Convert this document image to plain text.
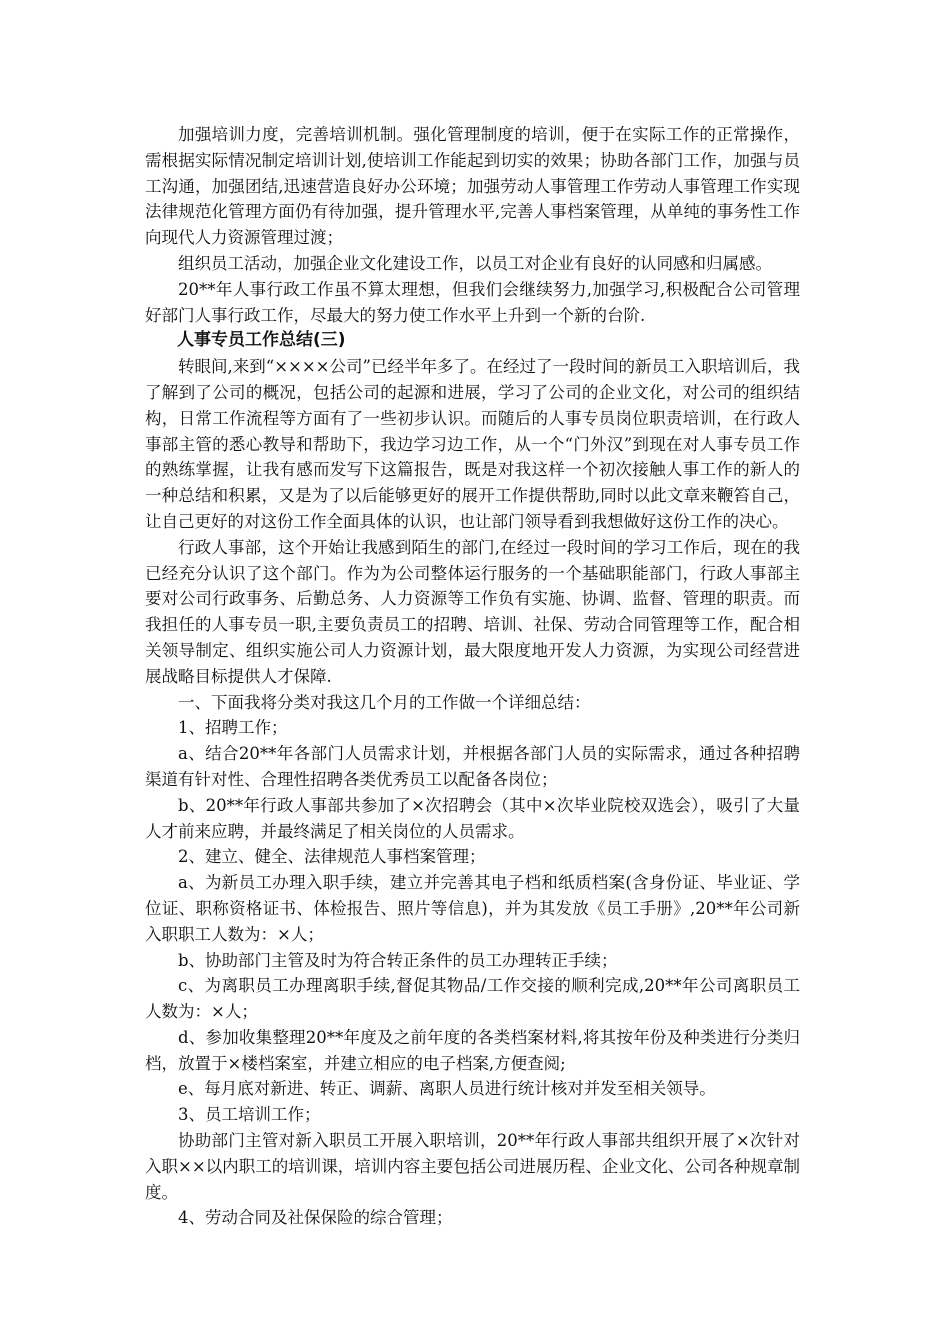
加强培训力度，完善培训机制。强化管理制度的培训，便于在实际工作的正常操作，需根据实际情况制定培训计划,使培训工作能起到切实的效果；协助各部门工作，加强与员工沟通，加强团结,迅速营造良好办公环境；加强劳动人事管理工作劳动人事管理工作实现法律规范化管理方面仍有待加强，提升管理水平,完善人事档案管理，从单纯的事务性工作向现代人力资源管理过渡；

组织员工活动，加强企业文化建设工作，以员工对企业有良好的认同感和归属感。

20**年人事行政工作虽不算太理想，但我们会继续努力,加强学习,积极配合公司管理好部门人事行政工作，尽最大的努力使工作水平上升到一个新的台阶.

人事专员工作总结(三)

转眼间,来到“××××公司”已经半年多了。在经过了一段时间的新员工入职培训后，我了解到了公司的概况，包括公司的起源和进展，学习了公司的企业文化，对公司的组织结构，日常工作流程等方面有了一些初步认识。而随后的人事专员岗位职责培训，在行政人事部主管的悉心教导和帮助下，我边学习边工作，从一个“门外汉”到现在对人事专员工作的熟练掌握，让我有感而发写下这篇报告，既是对我这样一个初次接触人事工作的新人的一种总结和积累，又是为了以后能够更好的展开工作提供帮助,同时以此文章来鞭笞自己，让自己更好的对这份工作全面具体的认识，也让部门领导看到我想做好这份工作的决心。

行政人事部，这个开始让我感到陌生的部门,在经过一段时间的学习工作后，现在的我已经充分认识了这个部门。作为为公司整体运行服务的一个基础职能部门，行政人事部主要对公司行政事务、后勤总务、人力资源等工作负有实施、协调、监督、管理的职责。而我担任的人事专员一职,主要负责员工的招聘、培训、社保、劳动合同管理等工作，配合相关领导制定、组织实施公司人力资源计划，最大限度地开发人力资源，为实现公司经营进展战略目标提供人才保障.

一、下面我将分类对我这几个月的工作做一个详细总结：

1、招聘工作；

a、结合20**年各部门人员需求计划，并根据各部门人员的实际需求，通过各种招聘渠道有针对性、合理性招聘各类优秀员工以配备各岗位；

b、20**年行政人事部共参加了×次招聘会（其中×次毕业院校双选会），吸引了大量人才前来应聘，并最终满足了相关岗位的人员需求。

2、建立、健全、法律规范人事档案管理；

a、为新员工办理入职手续，建立并完善其电子档和纸质档案(含身份证、毕业证、学位证、职称资格证书、体检报告、照片等信息)，并为其发放《员工手册》,20**年公司新入职职工人数为：×人；

b、协助部门主管及时为符合转正条件的员工办理转正手续；

c、为离职员工办理离职手续,督促其物品/工作交接的顺利完成,20**年公司离职员工人数为：×人；

d、参加收集整理20**年度及之前年度的各类档案材料,将其按年份及种类进行分类归档，放置于×楼档案室，并建立相应的电子档案,方便查阅;

e、每月底对新进、转正、调薪、离职人员进行统计核对并发至相关领导。

3、员工培训工作；

协助部门主管对新入职员工开展入职培训，20**年行政人事部共组织开展了×次针对入职××以内职工的培训课，培训内容主要包括公司进展历程、企业文化、公司各种规章制度。

4、劳动合同及社保保险的综合管理；
